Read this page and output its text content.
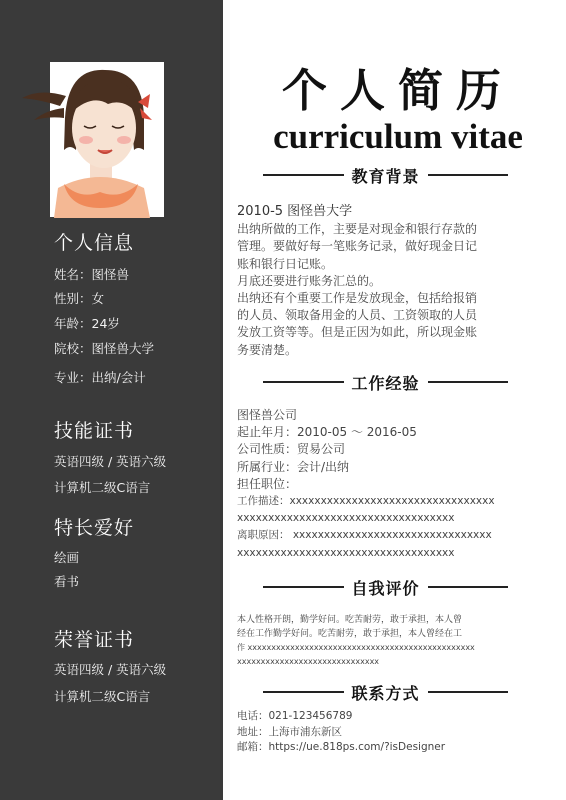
个人信息
姓名：图怪兽
性别：女
年龄：24岁
院校：图怪兽大学
专业：出纳/会计
技能证书
英语四级 / 英语六级
计算机二级C语言
特长爱好
绘画
看书
荣誉证书
英语四级 / 英语六级
计算机二级C语言
个人简历
curriculum vitae
教育背景
2010-5 图怪兽大学
出纳所做的工作，主要是对现金和银行存款的
管理。要做好每一笔账务记录，做好现金日记
账和银行日记账。
月底还要进行账务汇总的。
出纳还有个重要工作是发放现金，包括给报销
的人员、领取备用金的人员、工资领取的人员
发放工资等等。但是正因为如此，所以现金账
务要清楚。
工作经验
图怪兽公司
起止年月：2010-05 ～ 2016-05
公司性质：贸易公司
所属行业：会计/出纳
担任职位：
工作描述：xxxxxxxxxxxxxxxxxxxxxxxxxxxxxxxxx
xxxxxxxxxxxxxxxxxxxxxxxxxxxxxxxxxxx
离职原因： xxxxxxxxxxxxxxxxxxxxxxxxxxxxxxxx
xxxxxxxxxxxxxxxxxxxxxxxxxxxxxxxxxxx
自我评价
本人性格开朗，勤学好问。吃苦耐劳，敢于承担，本人曾
经在工作勤学好问。吃苦耐劳，敢于承担，本人曾经在工
作 xxxxxxxxxxxxxxxxxxxxxxxxxxxxxxxxxxxxxxxxxxxxxxxx
xxxxxxxxxxxxxxxxxxxxxxxxxxxxxx
联系方式
电话：021-123456789
地址：上海市浦东新区
邮箱：https://ue.818ps.com/?isDesigner
